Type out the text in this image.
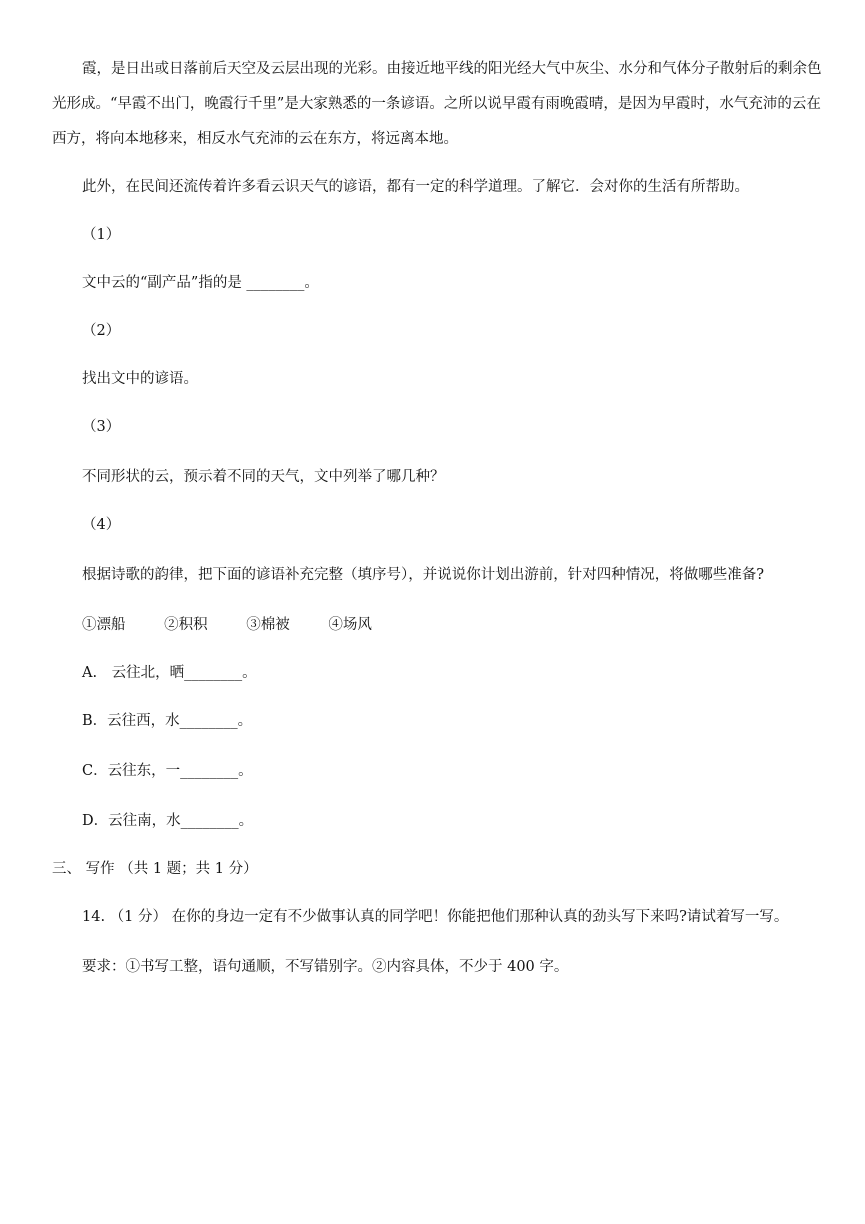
霞，是日出或日落前后天空及云层出现的光彩。由接近地平线的阳光经大气中灰尘、水分和气体分子散射后的剩余色光形成。“早霞不出门，晚霞行千里”是大家熟悉的一条谚语。之所以说早霞有雨晚霞晴，是因为早霞时，水气充沛的云在西方，将向本地移来，相反水气充沛的云在东方，将远离本地。
此外，在民间还流传着许多看云识天气的谚语，都有一定的科学道理。了解它．会对你的生活有所帮助。
（1）
文中云的“副产品”指的是 ________。
（2）
找出文中的谚语。
（3）
不同形状的云，预示着不同的天气，文中列举了哪几种？
（4）
根据诗歌的韵律，把下面的谚语补充完整（填序号），并说说你计划出游前，针对四种情况，将做哪些准备?
①漂船	②积积	③棉被	④场风
A.　云往北，晒________。
B．云往西，水________。
C．云往东，一________。
D．云往南，水________。
三、 写作 （共 1 题；共 1 分）
14. （1 分） 在你的身边一定有不少做事认真的同学吧！你能把他们那种认真的劲头写下来吗?请试着写一写。
要求：①书写工整，语句通顺，不写错别字。②内容具体，不少于 400 字。
